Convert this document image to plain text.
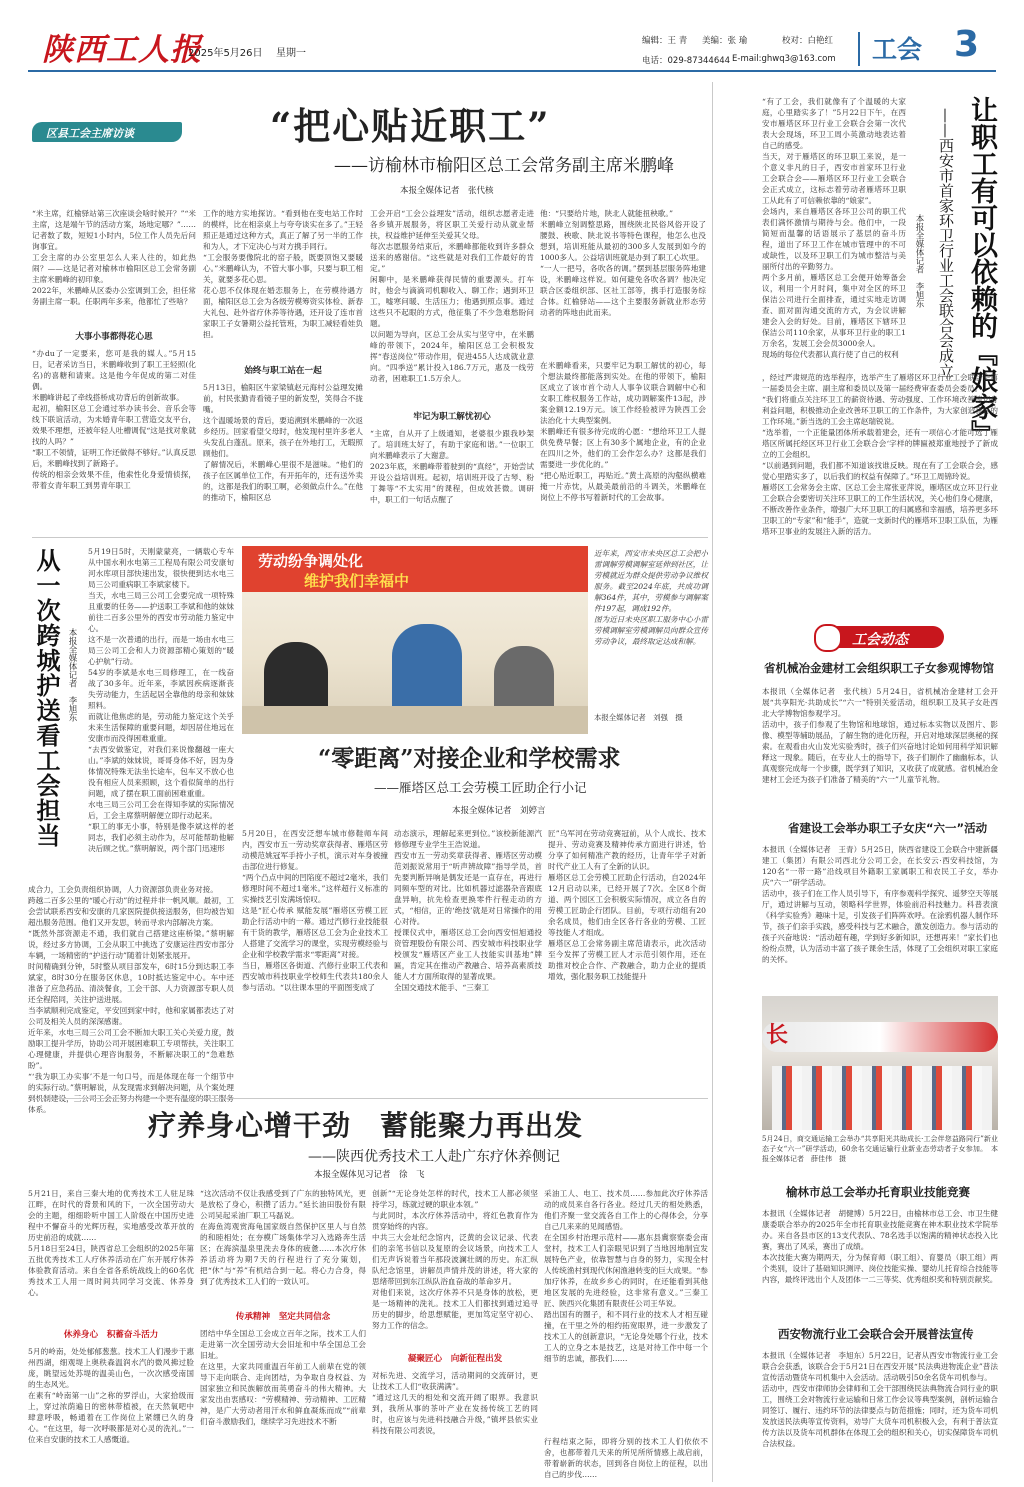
陕西工人报
2025年5月26日 星期一
编辑：王 青 美编：张 瑜	校对：白艳红
电话：029-87344644 E-mail:ghwq3@163.com 工会 3
区县工会主席访谈	“把心贴近职工”
——访榆林市榆阳区总工会常务副主席米鹏峰
本报全媒体记者　张代核
“米主席，红榆驿站第三次座谈会啥时候开？”“米主席，这是端午节的活动方案，场地定哪？”……记者数了数，短短1小时内，5位工作人员先后问询事宜。
工会主席的办公室里怎么人来人往的，如此热闹？——这是记者对榆林市榆阳区总工会常务副主席米鹏峰的初印象。
2022年，米鹏峰从区委办公室调到工会，担任常务副主席一职。任职两年多来，他都忙了些啥？
大事小事都得花心思
“办du了一定要来，您可是我的媒人。”5月15日，记者采访当日，米鹏峰收到了职工王轻照(化名)的喜糖和请柬。这是他今年促成的第二对佳偶。
米鹏峰讲起了牵线搭桥成功背后的创新故事。
起初，榆阳区总工会通过举办读书会、音乐会等线下联谊活动，为未婚青年职工营造交友平台，效果不理想，还被年轻人吐槽调侃“这是找对象就找的人吗？”
“职工不领情，证明工作还做得不够好。”认真反思后，米鹏峰找到了新路子。
传统的相亲会效果不佳，他索性化身爱情侦探，带着女青年职工到男青年职工
工作的地方实地探访。“看到他在变电站工作时的模样，比在相亲桌上与夸夸谈实在多了。”王轻照正是通过这种方式，真正了解了另一半的工作和为人，才下定决心与对方携手同行。
“工会服务要像院北的窑子般，既要顶饱又要暖心。”米鹏峰认为，不管大事小事，只要与职工相关，就要多花心思。
花心思不仅体现在婚恋服务上，在劳模待遇方面，榆阳区总工会为各级劳模筹资实体检、新春大礼包、赴外省疗休养等待遇，还开设了连市首家职工子女暑期公益托管班，为职工减轻看娃负担。
始终与职工站在一起
5月13日，榆阳区牛家梁镇赵元海村公益理发摊前，村民张勤青看镜子里的新发型，笑得合不拢嘴。
这个温暖场景的背后，要追溯到米鹏峰的一次返乡经历。回家看望父母时，他发现村里许多老人头发乱白蓬乱。原来，孩子在外地打工，无暇照顾他们。
了解情况后，米鹏峰心里很不是滋味。“他们的孩子在区属单位工作，有开拓年的，还有送外卖的，这都是我们的职工啊，必须做点什么。”在他的推动下，榆阳区总
工会开启“工会公益理发”活动，组织志愿者走进各乡镇开展服务，将区职工关爱行动从就业帮扶，权益维护延伸至关爱其父母。
每次志愿服务结束后，米鹏峰都能收到许多群众送来的感谢信。“这些就是对我们工作最好的肯定。”
闲聊中，是米鹏峰获得民情的重要源头。打车时，他会与滴滴司机聊收入、聊工作；遇到环卫工，嘘寒问暖、生活压力；他遇到照点事。通过这些只不起眼的方式，他征集了不少急难愁盼问题。
以问题为导向，区总工会从实与坚守中，在米鹏峰的带领下，2024年，榆阳区总工会积极发挥“春送岗位”带动作用，促进455人达成就业意向。“四季送”累计投入186.7万元，惠及一线劳动者，困难职工1.5万余人。
牢记为职工解忧初心
“主席，自从开了上级通知，老婆很少跟我吵架了。培训班太好了，有助于家庭和谐。”一位职工向米鹏峰表示了大谢意。
2023年底，米鹏峰带着驶到的“真经”，开始尝试开设公益培训班。起初，培训班开设了古琴、粉丁舞等“不太实用”的课程，但成效甚微。调研中，职工们一句话点醒了
他：“只要给片地，陕北人就能扭秧歌。”
米鹏峰立刻调整思路，围绕陕北民俗风俗开设了腰鼓、秧歌、陕北说书等特色课程，他怎么也没想到，培训班能从最初的300多人发展到如今的1000多人。公益培训班就是办到了职工心坎里。
“一人一把号，各吹各的调。”摆到基层服务阵地建设，米鹏峰这样说。如何避免各吹各调？他决定联合区委组织部、区社工部等，携手打造服务综合体。红榆驿站——这个主要服务新就业形态劳动者的阵地由此而来。
在米鹏峰看来，只要牢记为职工解忧的初心，每个想法最终都能落到实处。在他的带领下，榆阳区成立了该市首个动人人事争议联合调解中心和女职工维权服务工作站，成功调解案件13起，涉案金额12.19万元。该工作经验被评为陕西工会法治化十大典型案例。
米鹏峰还有很多待完成的心愿：“想给环卫工人提供免费早餐；区上有30多个属地企业，有的企业在四川之外，他们的工会作怎么办？这都是我们需要进一步优化的。”
“把心贴近职工，再贴近。”黄土高原的沟壑纵横难掩一片赤忱，从最美最前沿的斗调关，米鹏峰在岗位上不停书写着新时代的工会故事。
让职工有可以依赖的『娘家』
——西安市首家环卫行业工会联合会成立
本报全媒体记者　李旭东
“有了工会，我们就像有了个温暖的大家庭，心里踏实多了！”5月22日下午，在西安市雁塔区环卫行业工会联合会第一次代表大会现场，环卫工周小英激动地表达着自己的感受。
当天，对于雁塔区的环卫职工来说，是一个意义非凡的日子，西安市首家环卫行业工会联合会——雁塔区环卫行业工会联合会正式成立，这标志着劳动者雁塔环卫职工从此有了可信赖依靠的“娘家”。
会场内，来自雁塔区各环卫公司的职工代表们满怀激情与期待与会。他们中，一段简短而温馨的话语展示了基层的奋斗历程，道出了环卫工作在城市管理中的不可或缺性，以及环卫职工们为城市整洁与美丽所付出的辛勤努力。
两个多月前，雁塔区总工会便开始筹备会议，利用一个月时间，集中对全区的环卫保洁公司进行全面排查，通过实地走访调查、面对面沟通交流的方式，为会议讲解建会入会的好处。目前，雁塔区下辖环卫保洁公司110余家，从事环卫行业的职工1万余名，发展工会会员3000余人。
现场的每位代表都认真行使了自己的权利
，经过严肃规范的选举程序，选举产生了雁塔区环卫行业工会联合会第一届委员会主席、副主席和委员以及第一届经费审查委员会委员。
“我们将重点关注环卫工的薪资待遇、劳动强度、工作环境改善等切身利益问题，积极推动企业改善环卫职工的工作条件，为大家创造良好的工作环境。”新当选的工会主席赵瑞锐说。
“选举着，一个正能量团体所承载着建会，还有一项信心才能可选了雁塔区所属托经区环卫行业工会联合会‘字样的牌匾被郑重地授予了新成立的工会组织。
“以前遇到问题，我们都不知道该找谁反映。现在有了工会联合会，感觉心里踏实多了，以后我们的权益有保障了。”环卫工周锦玲说。
雁塔区工会常务会主席、区总工会主席张亚萍说，雁塔区成立环卫行业工会联合会要密切关注环卫职工的工作生活状况，关心他们身心健康，不断改善作业条件，增强广大环卫职工的归属感和幸福感，培养更多环卫职工的“专家”和“能手”，造就一支新时代的雁塔环卫职工队伍，为雁塔环卫事业的发展注入新的活力。
工会动态
省机械冶金建材工会组织职工子女参观博物馆
本报讯（全媒体记者　张代核）5月24日，省机械冶金建材工会开展“共享阳光·共助成长”“六一”特别关爱活动，组织职工及其子女赴西北大学博物馆参观学习。
活动中，孩子们参观了生物馆和地球馆，通过标本实物以及图片、影像、模型等辅助展品，了解生物的进化历程，开启对地球深层奥秘的探索。在观看由火山发光实验秀时，孩子们兴奋地讨论如何用科学知识解释这一现象。随后，在专业人士的指导下，孩子们制作了幽幽标本，认真观察完成每一个步骤，既学到了知识，又收获了成就感。省机械冶金建材工会还为孩子们准备了精美的“六一”儿童节礼物。
省建设工会举办职工子女庆“六一”活动
本报讯（全媒体记者　王青）5月25日，陕西省建设工会联合中建新疆建工（集团）有限公司西北分公司工会，在长安云·西安科技馆，为120名“一带一路”沿线项目外籍职工家属职工和农民工子女，举办庆“六一”研学活动。
活动中，孩子们在工作人员引导下，有序参观科学探究、遥梦空天等展厅，通过讲解与互动，领略科学世界，体验前沿科技魅力。科普表演《科学实验秀》趣味十足，引发孩子们阵阵欢呼。在涂鸦机器人制作环节，孩子们亲手实践，感受科技与艺术融合，激发创造力。参与活动的孩子兴奋地说：“活动超有趣，学到好多新知识，还想再来！”家长们也纷纷点赞，认为活动丰富了孩子课余生活，体现了工会组织对职工家庭的关怀。
长
5月24日，商交通运输工会举办“共享阳光共助成长·工会伴您益路同行”新业态子女“六一”研学活动，60余名交通运输行业新业态劳动者子女参加。　本报全媒体记者　薛佳伟　摄
榆林市总工会举办托育职业技能竞赛
本报讯（全媒体记者　胡健博）5月22日，由榆林市总工会、市卫生健康委联合举办的2025年全市托育职业技能竞赛在神木职业技术学院举办。来自各县市区的13支代表队、78名选手以饱满的精神状态投入比赛，赛出了风采，赛出了成绩。
本次技能大赛为期两天，分为保育师（职工组）、育婴员（职工组）两个类别，设计了基础知识测评、岗位技能实操、婴幼儿托育综合技能等内容，最终评选出个人及团体一二三等奖、优秀组织奖和特别贡献奖。
西安物流行业工会联合会开展普法宣传
本报讯（全媒体记者　李旭东）5月22日，记者从西安市物流行业工会联合会获悉，该联合会于5月21日在西安开展“民法典进物流企业”普法宣传活动暨货车司机集中入会活动。活动吸引50余名货车司机参与。
活动中，西安市律师协会律师和工会干部围绕民法典物流合同行业的职工，围绕工会对物流行业运输和日常工作会议等典型案例，剖析运输合同签订、履行、违约环节的法律要点与防范措施；同时，还为货车司机发放送民法典等宣传资料，劝导广大货车司机积极入会，有利于普法宣传方法以及货车司机群体在体现工会的组织和关心，切实保障货车司机合法权益。
从一次跨城护送看工会担当 本报全媒体记者　李旭东
5月19日5时，天刚蒙蒙亮，一辆载心专车从中国水利水电第三工程局有限公司安康旬河水库项目部快速出发，很快便到达水电三局三公司重病职工李斌家楼下。
当天，水电三局三公司工会要完成一项特殊且重要的任务——护送职工李斌和他的妹妹前往二百多公里外的西安市劳动能力鉴定中心。
这不是一次普通的出行，而是一场由水电三局三公司工会和人力资源部精心策划的“暖心护航”行动。
54岁的李斌是水电三局修理工，在一线奋战了30多年。近年来，李斌因疾病逐渐丧失劳动能力，生活起居全靠他的母亲和妹妹照料。
而就让他焦虑的是，劳动能力鉴定这个关乎未来生活保障的重要问题，却因居住地远在安康市而没得困难重重。
“去西安做鉴定，对我们来说像翻越一座大山。”李斌的妹妹说，哥哥身体不好，因为身体情况特殊无法坐长途车，包车又不放心也没有相应人员来照顾，这个看似简单的出行问题，成了摆在职工面前困难重重。
水电三局三公司工会在得知李斌的实际情况后，工会主席蔡明解便立即行动起来。
“职工的事无小事，特别是像李斌这样的老同志，我们必须主动作为，尽可能帮助他解决后顾之忧。”蔡明解说，两个部门迅速形
成合力，工会负责组织协调，人力资源部负责业务对接。
跨越二百多公里的“暖心行动”的过程并非一帆风顺。最初，工会尝试联系西安和安康的几家医院提供接送服务，但均被告知超出服务范围。他们又开发思，转而寻求内部解决方案。
“既然外部资源走不通，我们就自己搭建这座桥梁。”蔡明解说，经过多方协调，工会从职工中挑选了安康运往西安市部分车辆，一场精密的“护送行动”随着计划紧张展开。
时间精确到分钟，5时整从项目部发车，6时15分到达职工李斌家，8时30分在服务区休息，10时抵达鉴定中心。车中还准备了应急药品、清淡餐食，工会干部、人力资源部专职人员还全程陪同，关注护送进展。
当李斌顺利完成鉴定，平安回到家中时，他和家属都表达了对公司及相关人员的深深感谢。
近年来，水电三局三公司工会不断加大职工关心关爱力度，鼓励职工提升学历，协助公司开展困难职工专项帮扶，关注职工心理健康，并提供心理咨询服务，不断解决职工的“急难愁盼”。
“‘我为职工办实事’不是一句口号，而是体现在每一个细节中的实际行动。”蔡明解说，从发现需求到解决问题，从个案处理到机制建设，三公司工会正努力构建一个更有温度的职工服务体系。
劳动纷争调处化
维护我们幸福中
近年来，西安市未央区总工会把小雷调解劳模调解室延伸到社区，让劳模就近为群众提供劳动争议维权服务。截至2024年底，共成功调解364件，其中，劳模参与调解案件197起，调成192件。
图为近日未央区职工服务中心小雷劳模调解室劳模调解员向群众宣传劳动争议，最终取定达成和解。
本报全媒体记者　刘强　摄
“零距离”对接企业和学校需求
——雁塔区总工会劳模工匠助企行小记
本报全媒体记者　刘婷言
5月20日，在西安泛想车城市修鞋师车间内，西安市五一劳动奖章获得者、雁塔区劳动模范姚冠军手持小子机，演示对车身被撞击部位进行修复。
“两个凸点中间的凹陷度不超过2毫米，我们修理时间不超过1毫米。”这样超行义标准的实操技艺引发满场惊叹。
这是“匠心传承 赋能发展”雁塔区劳模工匠助企行活动中的一幕。通过汽修行业技能很有干货的教学，雁塔区总工会为企业技术工人搭建了交流学习的课堂，实现劳模经验与企业和学校教学需求“零距离”对接。
当日，雁塔区各街道、汽修行业职工代表和西安城市科技职业学校师生代表共180余人参与活动。“以往课本里的平面图变成了
动态演示，理解起来更到位。”该校新能源汽修修理专业学生王浩说道。
西安市五一劳动奖章获得者、雁塔区劳动模范刘振说常用于“听声辨故障”指导学员，首先要判断异响是偶发还是一直存在，再进行同频车型的对比。比如机器过滤器杂音跟底盘异响，抗先检查更换零件行程走动的方式，“相信，正的‘绝技’就是对日常操作的用心对待。
授课仪式中，雁塔区总工会向西安恒旭通投资管理股份有限公司、西安城市科技职业学校颁发“雁塔区产业工人技能实训基地”牌匾，肯定其在推动产教融合、培养高素质技能人才方面所取得的显著成果。
全国交通技术能手、“三秦工
匠”乌军河在劳动竞赛冠前，从个人成长、技术提升、劳动竞赛及精神传承方面进行讲述，恰分享了如何精准产教的经历，让青年学子对新时代产业工人有了全新的认识。
雁塔区总工会劳模工匠助企行活动，自2024年12月启动以来，已经开展了7次。全区8个街道、两个园区工会积极实际情况，成立各自的劳模工匠助企行团队。目前，专项行动组有20余名成员，他们由全区各行各业的劳模、工匠等技能人才组成。
雁塔区总工会常务副主席范请表示，此次活动至今发挥了劳模工匠人才示范引领作用，还在助推对校企合作、产教融合，助力企业的提质增效，强化服务职工技能提升
疗养身心增干劲　蓄能聚力再出发
——陕西优秀技术工人赴广东疗休养侧记
本报全媒体见习记者　徐　飞
5月21日，来自三秦大地的优秀技术工人驻足珠江畔，在时代的背景和风的下，一次全国劳动大会的主题，细细聆听中国工人阶级在中国历史进程中不懈奋斗的光辉历程，实地感受改革开放的历史前沿的成就……
5月18日至24日，陕西省总工会组织的2025年第五批优秀技术工人疗休养活动在广东开展疗休养体验教育活动。来自全省各系统战线上的60名优秀技术工人用一周时间共同学习交流、休养身心。
休养身心　积蓄奋斗活力
5月的岭南，处处郁郁葱葱。技术工人们漫步于惠州西湖，细观堤上奥秩森温润水汽的微风拂过脸庞，眺望远处苏堤的温美山色，一次次感受南国的生态风光。
在素有“岭南第一山”之称的罗浮山，大家拾级而上，穿过浓荫遍日的密林带植被，在天然氧吧中肆意呼吸，畅通着在工作岗位上紧绷已久的身心。“在这里，每一次呼吸都是对心灵的洗礼。”一位来自安康的技术工人感慨道。
“这次活动不仅让我感受到了广东的独特风光，更是放松了身心，积攒了活力。”延长油田股份有限公司吴起采油厂职工马磊说。
在海鱼湾观赏海龟国家级自然保护区里人与自然的和睦相处；在夯模广场集体学习入选路奔生活区；在海滨温泉里洗去身体的疲惫……本次疗休养活动将为期7天的行程进行了充分策划，把“休”与“养”有机结合到一起。将心力合身，得到了优秀技术工人们的一致认可。
传承精神　坚定共同信念
团结中华全国总工会成立百年之际，技术工人们走进第一次全国劳动大会旧址和中华全国总工会旧址。
在这里，大家共同重温百年前工人前辈在党的领导下走向联合、走向团结，为争取自身权益、为国家独立和民族解放而英勇奋斗的伟大精神。大家发出由衷感叹：“劳模精神、劳动精神、工匠精神，是广大劳动者用汗水和鲜血凝炼而成”“前辈们奋斗激励我们，继续学习先进技术不断
创新”“无论身处怎样的时代，技术工人都必须坚持学习，练就过硬的职业本领。”
与此同时，本次疗休养活动中，将红色教育作为贯穿始终的内容。
中共三大会址纪念馆内，泛黄的会议记录、代表们的亲笔书信以及复原的会议场景，向技术工人们无声诉说着当年那段波澜壮阔的历史。东汇纵队纪念馆里，讲解员声情并茂的讲述，将大家的思绪带回到东江纵队浴血奋战的革命岁月。
对他们来说，这次疗休养不只是身体的放松，更是一场精神的洗礼。技术工人们都找到通过追寻历史的脚步，给思想赋能，更加笃定坚守初心、努力工作的信念。
凝聚匠心　向新征程出发
对标先进、交流学习，活动期间的交流研讨，更让技术工人们“收获满满”。
“通过这几天的相处和交流开阔了眼界。我意识到，我所从事的茶叶产业在发扬传统工艺的同时，也应该与先进科技融合升级，”镇坪县依实业科技有限公司表说，
采油工人、电工、技术员……参加此次疗休养活动的成员来自各行各业。经过几天的相处熟悉，他们齐聚一堂交流各自工作上的心得体会，分享自己几来来的见闻感悟。
在全国乡村治理示范村——惠东县冀察察委会南堂村，技术工人们亲眼见识到了当地因地制宜发展特色产业，依靠智慧与自身的努力，实现全村人传统渔村到现代休闲渔港转变的巨大成果。“参加疗休养，在故乡乡心的同时，在还能看到其他地区发展的先进经验，这非常有意义。”三秦工匠、陕西兴化集团有限责任公司王华说。
踏出国有的圈子，和不同行业的技术人才相互碰撞，在干里之外的相约拓宽眼界，进一步激发了技术工人的创新意识，“无论身处哪个行业，技术工人的立身之本是技艺，这是对待工作中每一个细节的忠诚，都我们……
行程结束之际，即将分别的技术工人们依依不舍，也都带着几天来的所见所所情感上战启前，带着崭新的状态，回到各自岗位上的征程，以出自己的步伐……
